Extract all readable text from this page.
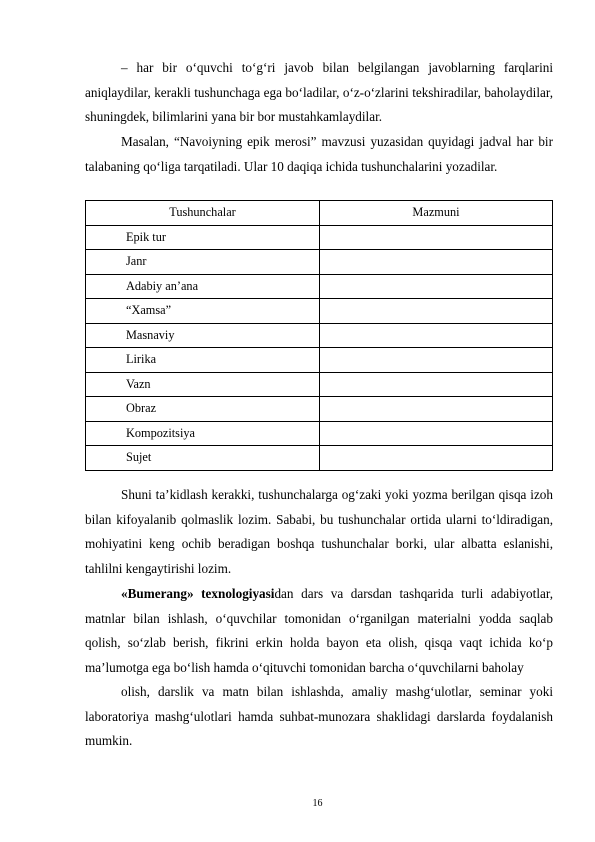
– har bir o‘quvchi to‘g‘ri javob bilan belgilangan javoblarning farqlarini aniqlaydilar, kerakli tushunchaga ega bo‘ladilar, o‘z-o‘zlarini tekshiradilar, baholaydilar, shuningdek, bilimlarini yana bir bor mustahkamlaydilar.
Masalan, “Navoiyning epik merosi” mavzusi yuzasidan quyidagi jadval har bir talabaning qo‘liga tarqatiladi. Ular 10 daqiqa ichida tushunchalarini yozadilar.
Tushunchalar	Mazmuni
Epik tur	
Janr	
Adabiy an’ana	
“Xamsa”	
Masnaviy	
Lirika	
Vazn	
Obraz	
Kompozitsiya	
Sujet	
Shuni ta’kidlash kerakki, tushunchalarga og‘zaki yoki yozma berilgan qisqa izoh bilan kifoyalanib qolmaslik lozim. Sababi, bu tushunchalar ortida ularni to‘ldiradigan, mohiyatini keng ochib beradigan boshqa tushunchalar borki, ular albatta eslanishi, tahlilni kengaytirishi lozim.
«Bumerang» texnologiyasidan dars va darsdan tashqarida turli adabiyotlar, matnlar bilan ishlash, o‘quvchilar tomonidan o‘rganilgan materialni yodda saqlab qolish, so‘zlab berish, fikrini erkin holda bayon eta olish, qisqa vaqt ichida ko‘p ma’lumotga ega bo‘lish hamda o‘qituvchi tomonidan barcha o‘quvchilarni baholay
olish, darslik va matn bilan ishlashda, amaliy mashg‘ulotlar, seminar yoki laboratoriya mashg‘ulotlari hamda suhbat-munozara shaklidagi darslarda foydalanish mumkin.
16
